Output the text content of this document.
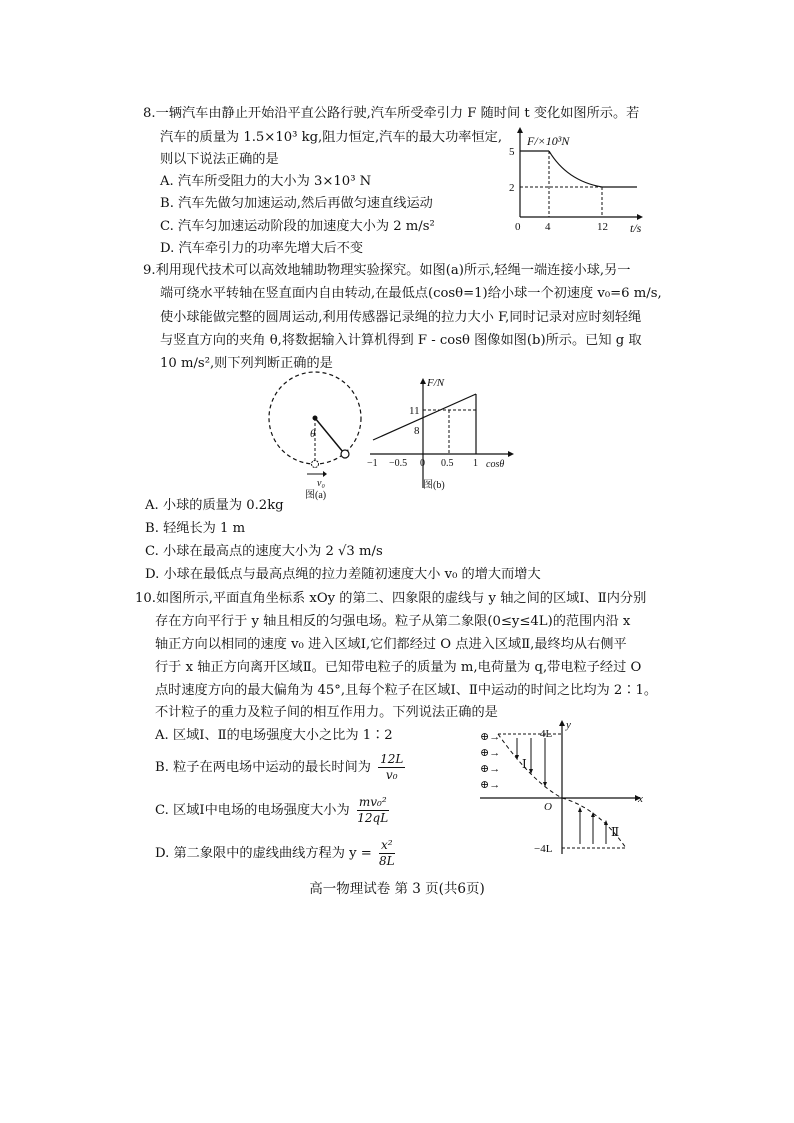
8.一辆汽车由静止开始沿平直公路行驶,汽车所受牵引力 F 随时间 t 变化如图所示。若
汽车的质量为 1.5×10³ kg,阻力恒定,汽车的最大功率恒定,
则以下说法正确的是
A. 汽车所受阻力的大小为 3×10³ N
B. 汽车先做匀加速运动,然后再做匀速直线运动
C. 汽车匀加速运动阶段的加速度大小为 2 m/s²
D. 汽车牵引力的功率先增大后不变
F/×10³N
5
2
0 4	12 t/s
9.利用现代技术可以高效地辅助物理实验探究。如图(a)所示,轻绳一端连接小球,另一
端可绕水平转轴在竖直面内自由转动,在最低点(cosθ=1)给小球一个初速度 v₀=6 m/s,
使小球能做完整的圆周运动,利用传感器记录绳的拉力大小 F,同时记录对应时刻轻绳
与竖直方向的夹角 θ,将数据输入计算机得到 F - cosθ 图像如图(b)所示。已知 g 取
10 m/s²,则下列判断正确的是
θ
v₀
图(a)
F/N
11
8
−1 −0.5 0 0.5 1 cosθ
图(b)
A. 小球的质量为 0.2kg
B. 轻绳长为 1 m
C. 小球在最高点的速度大小为 2 √3 m/s
D. 小球在最低点与最高点绳的拉力差随初速度大小 v₀ 的增大而增大
10.如图所示,平面直角坐标系 xOy 的第二、四象限的虚线与 y 轴之间的区域Ⅰ、Ⅱ内分别
存在方向平行于 y 轴且相反的匀强电场。粒子从第二象限(0≤y≤4L)的范围内沿 x
轴正方向以相同的速度 v₀ 进入区域Ⅰ,它们都经过 O 点进入区域Ⅱ,最终均从右侧平
行于 x 轴正方向离开区域Ⅱ。已知带电粒子的质量为 m,电荷量为 q,带电粒子经过 O
点时速度方向的最大偏角为 45°,且每个粒子在区域Ⅰ、Ⅱ中运动的时间之比均为 2∶1。
不计粒子的重力及粒子间的相互作用力。下列说法正确的是
A. 区域Ⅰ、Ⅱ的电场强度大小之比为 1∶2
B. 粒子在两电场中运动的最长时间为 $\frac{12L}{\text{v₀}}$
C. 区域Ⅰ中电场的电场强度大小为 $\frac{\text{mv₀²}}{12qL}$
D. 第二象限中的虚线曲线方程为 $y = \frac{\text{x²}}{8L}$
x
y
O
4L
−4L
Ⅰ
Ⅱ
⊕→
⊕→
⊕→
⊕→
高一物理试卷 第 3 页(共6页)
